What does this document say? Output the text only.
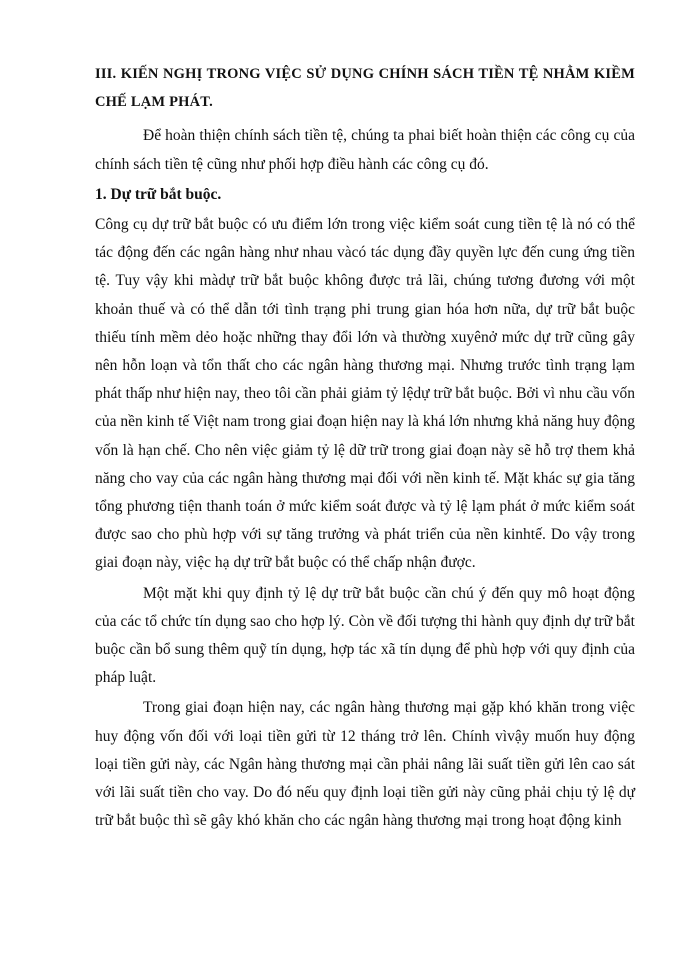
III. KIẾN NGHỊ TRONG VIỆC SỬ DỤNG CHÍNH SÁCH TIỀN TỆ NHẰM KIỀM CHẾ LẠM PHÁT.

Để hoàn thiện chính sách tiền tệ, chúng ta phai biết hoàn thiện các công cụ của chính sách tiền tệ cũng như phối hợp điều hành các công cụ đó.

1. Dự trữ bắt buộc.

Công cụ dự trữ bắt buộc có ưu điểm lớn trong việc kiểm soát cung tiền tệ là nó có thể tác động đến các ngân hàng như nhau vàcó tác dụng đầy quyền lực đến cung ứng tiền tệ. Tuy vậy khi màdự trữ bắt buộc không được trả lãi, chúng tương đương với một khoản thuế và có thể dẫn tới tình trạng phi trung gian hóa hơn nữa, dự trữ bắt buộc thiếu tính mềm dẻo hoặc những thay đổi lớn và thường xuyênở mức dự trữ cũng gây nên hỗn loạn và tổn thất cho các ngân hàng thương mại. Nhưng trước tình trạng lạm phát thấp như hiện nay, theo tôi cần phải giảm tỷ lệdự trữ bắt buộc. Bởi vì nhu cầu vốn của nền kinh tế Việt nam trong giai đoạn hiện nay là khá lớn nhưng khả năng huy động vốn là hạn chế. Cho nên việc giảm tỷ lệ dữ trữ trong giai đoạn này sẽ hỗ trợ them khả năng cho vay của các ngân hàng thương mại đối với nền kinh tế. Mặt khác sự gia tăng tổng phương tiện thanh toán ở mức kiểm soát được và tỷ lệ lạm phát ở mức kiểm soát được sao cho phù hợp với sự tăng trưởng và phát triển của nền kinhtế. Do vậy trong giai đoạn này, việc hạ dự trữ bắt buộc có thể chấp nhận được.

Một mặt khi quy định tỷ lệ dự trữ bắt buộc cần chú ý đến quy mô hoạt động của các tổ chức tín dụng sao cho hợp lý. Còn về đối tượng thi hành quy định dự trữ bắt buộc cần bổ sung thêm quỹ tín dụng, hợp tác xã tín dụng để phù hợp với quy định của pháp luật.

Trong giai đoạn hiện nay, các ngân hàng thương mại gặp khó khăn trong việc huy động vốn đối với loại tiền gửi từ 12 tháng trở lên. Chính vìvậy muốn huy động loại tiền gửi này, các Ngân hàng thương mại cần phải nâng lãi suất tiền gửi lên cao sát với lãi suất tiền cho vay. Do đó nếu quy định loại tiền gửi này cũng phải chịu tỷ lệ dự trữ bắt buộc thì sẽ gây khó khăn cho các ngân hàng thương mại trong hoạt động kinh
